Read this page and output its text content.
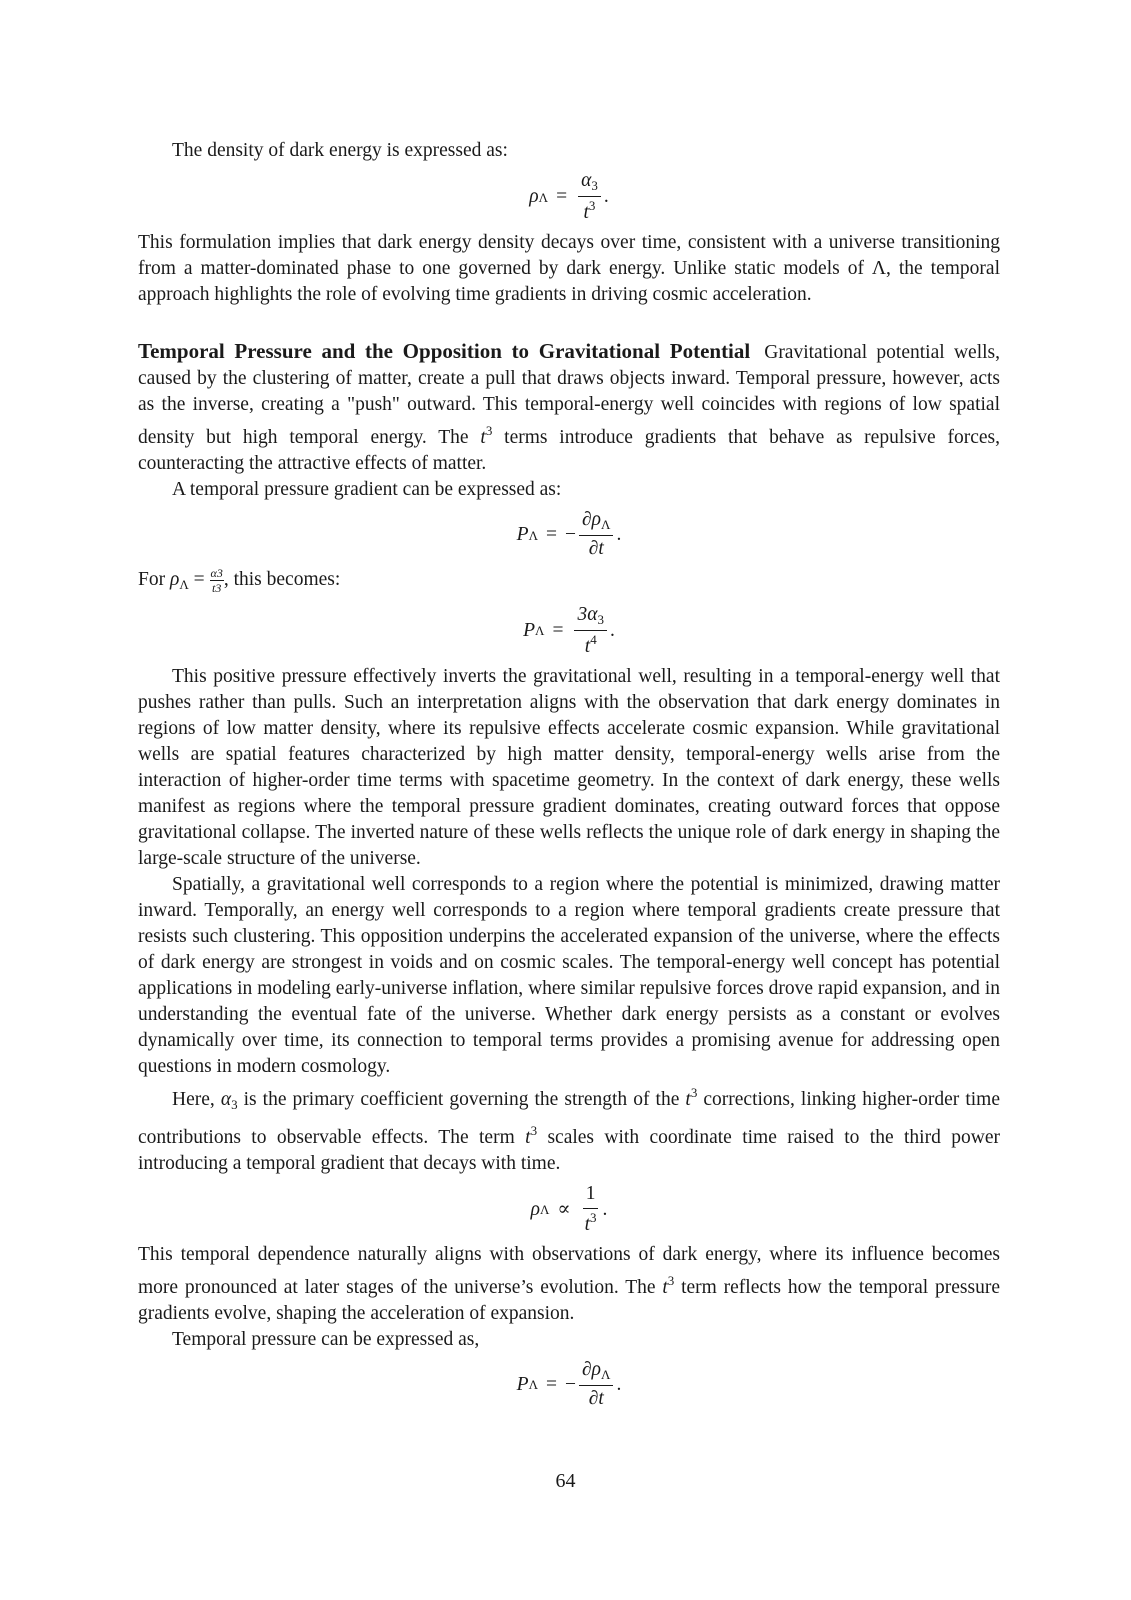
The density of dark energy is expressed as:

ρ $\Lambda = \frac{\alpha_3}{t^3}$ .

This formulation implies that dark energy density decays over time, consistent with a universe transitioning from a matter-dominated phase to one governed by dark energy. Unlike static models of Λ, the temporal approach highlights the role of evolving time gradients in driving cosmic acceleration.

Temporal Pressure and the Opposition to Gravitational Potential Gravitational potential wells, caused by the clustering of matter, create a pull that draws objects inward. Temporal pressure, however, acts as the inverse, creating a "push" outward. This temporal-energy well coincides with regions of low spatial density but high temporal energy. The $t^3$ terms introduce gradients that behave as repulsive forces, counteracting the attractive effects of matter.

A temporal pressure gradient can be expressed as:

P Λ = − $\frac{\partial\rho_\Lambda}{\partial t}$ .

For $\rho_\Lambda = \frac{\alpha 3}{t3}$ , this becomes:

P $\Lambda = \frac{3\alpha_3}{t^4}$ .

This positive pressure effectively inverts the gravitational well, resulting in a temporal-energy well that pushes rather than pulls. Such an interpretation aligns with the observation that dark energy dominates in regions of low matter density, where its repulsive effects accelerate cosmic expansion. While gravitational wells are spatial features characterized by high matter density, temporal-energy wells arise from the interaction of higher-order time terms with spacetime geometry. In the context of dark energy, these wells manifest as regions where the temporal pressure gradient dominates, creating outward forces that oppose gravitational collapse. The inverted nature of these wells reflects the unique role of dark energy in shaping the large-scale structure of the universe.

Spatially, a gravitational well corresponds to a region where the potential is minimized, drawing matter inward. Temporally, an energy well corresponds to a region where temporal gradients create pressure that resists such clustering. This opposition underpins the accelerated expansion of the universe, where the effects of dark energy are strongest in voids and on cosmic scales. The temporal-energy well concept has potential applications in modeling early-universe inflation, where similar repulsive forces drove rapid expansion, and in understanding the eventual fate of the universe. Whether dark energy persists as a constant or evolves dynamically over time, its connection to temporal terms provides a promising avenue for addressing open questions in modern cosmology.

Here, $\alpha_3$ is the primary coefficient governing the strength of the $t^3$ corrections, linking higher-order time contributions to observable effects. The term $t^3$ scales with coordinate time raised to the third power introducing a temporal gradient that decays with time.

ρ $\Lambda \propto \frac{1}{t^3}$ .

This temporal dependence naturally aligns with observations of dark energy, where its influence becomes more pronounced at later stages of the universe’s evolution. The $t^3$ term reflects how the temporal pressure gradients evolve, shaping the acceleration of expansion.

Temporal pressure can be expressed as,

P Λ = − $\frac{\partial\rho_\Lambda}{\partial t}$ .
64
